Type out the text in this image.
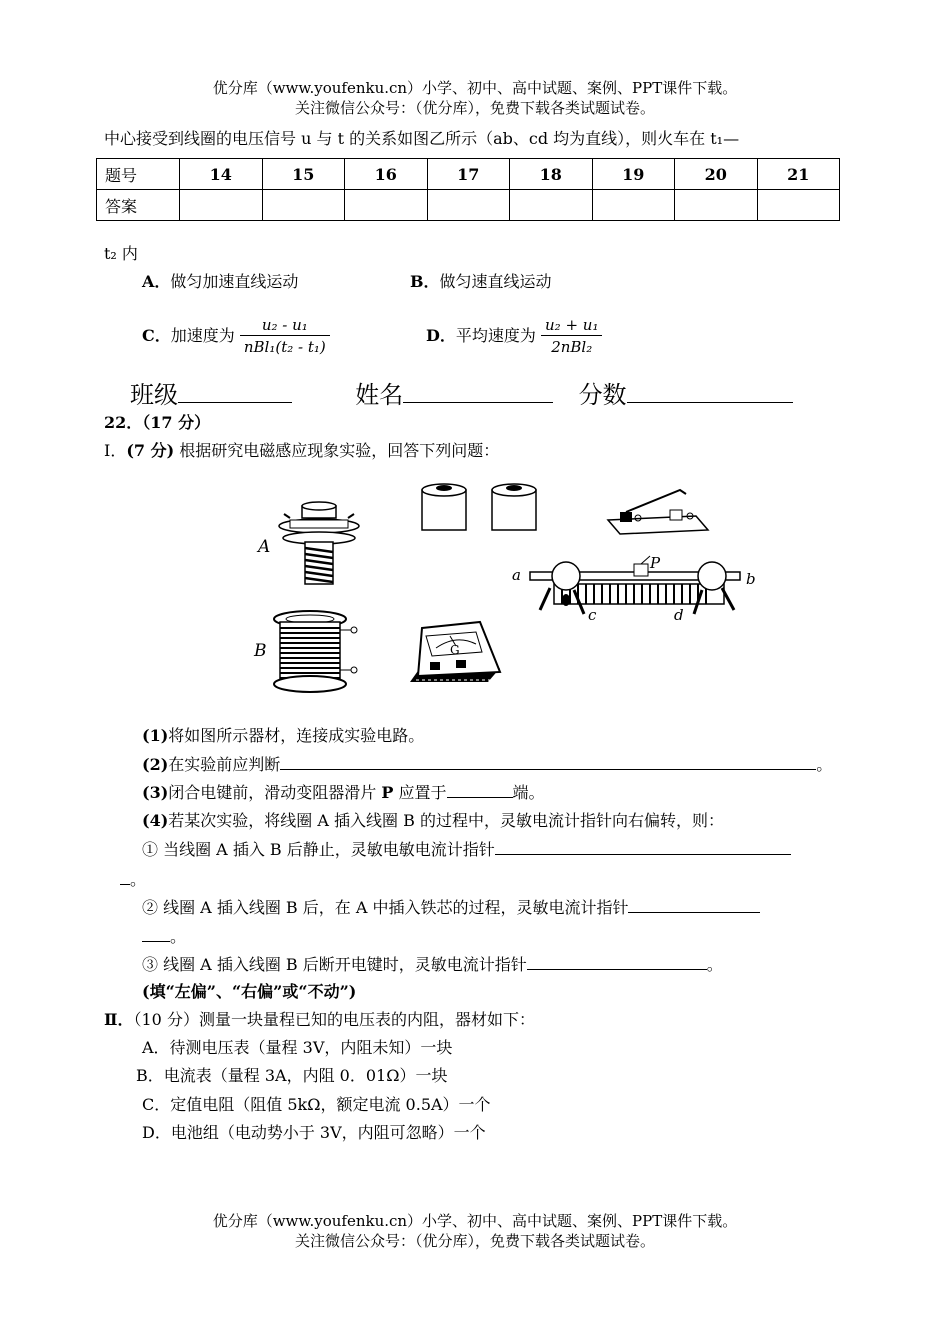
优分库（www.youfenku.cn）小学、初中、高中试题、案例、PPT课件下载。
关注微信公众号：（优分库），免费下载各类试题试卷。
中心接受到线圈的电压信号 u 与 t 的关系如图乙所示（ab、cd 均为直线），则火车在 t₁—
题号	14	15	16	17	18	19	20	21
答案								
t₂ 内
A．做匀加速直线运动	B．做匀速直线运动
C．加速度为 $\frac{\text{u₂ - u₁}}{\text{nBl₁(t₂ - t₁)}}$	D．平均速度为 $\frac{\text{u₂ + u₁}}{\text{2nBl₂}}$
班级	姓名	分数
22．（17 分）
Ⅰ．(7 分) 根据研究电磁感应现象实验，回答下列问题：
A
B
P
a	b
c	d
G
(1)将如图所示器材，连接成实验电路。
(2)在实验前应判断	。
(3)闭合电键前，滑动变阻器滑片 P 应置于	端。
(4)若某次实验，将线圈 A 插入线圈 B 的过程中，灵敏电流计指针向右偏转，则：
① 当线圈 A 插入 B 后静止，灵敏电敏电流计指针
。
② 线圈 A 插入线圈 B 后，在 A 中插入铁芯的过程，灵敏电流计指针
。
③ 线圈 A 插入线圈 B 后断开电键时，灵敏电流计指针	。
(填“左偏”、“右偏”或“不动”)
Ⅱ．（10 分）测量一块量程已知的电压表的内阻，器材如下：
A．待测电压表（量程 3V，内阻未知）一块
B．电流表（量程 3A，内阻 0．01Ω）一块
C．定值电阻（阻值 5kΩ，额定电流 0.5A）一个
D．电池组（电动势小于 3V，内阻可忽略）一个
优分库（www.youfenku.cn）小学、初中、高中试题、案例、PPT课件下载。
关注微信公众号：（优分库），免费下载各类试题试卷。
